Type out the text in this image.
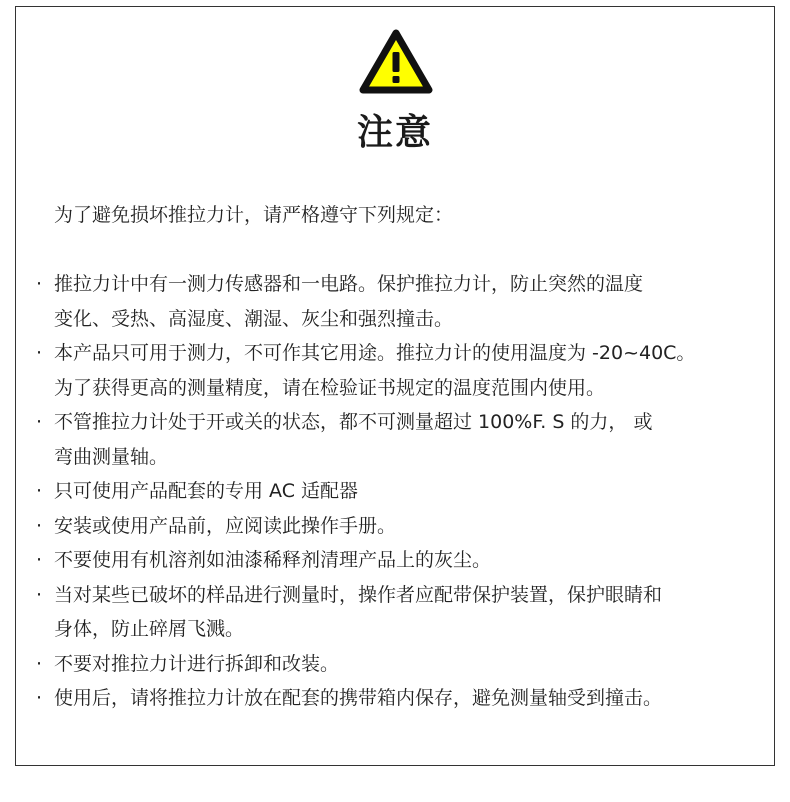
注意
为了避免损坏推拉力计，请严格遵守下列规定：
· 推拉力计中有一测力传感器和一电路。保护推拉力计，防止突然的温度
变化、受热、高湿度、潮湿、灰尘和强烈撞击。
· 本产品只可用于测力，不可作其它用途。推拉力计的使用温度为 -20~40C。
为了获得更高的测量精度，请在检验证书规定的温度范围内使用。
· 不管推拉力计处于开或关的状态，都不可测量超过 100%F. S 的力， 或
弯曲测量轴。
· 只可使用产品配套的专用 AC 适配器
· 安装或使用产品前，应阅读此操作手册。
· 不要使用有机溶剂如油漆稀释剂清理产品上的灰尘。
· 当对某些已破坏的样品进行测量时，操作者应配带保护装置，保护眼睛和
身体，防止碎屑飞溅。
· 不要对推拉力计进行拆卸和改装。
· 使用后，请将推拉力计放在配套的携带箱内保存，避免测量轴受到撞击。
